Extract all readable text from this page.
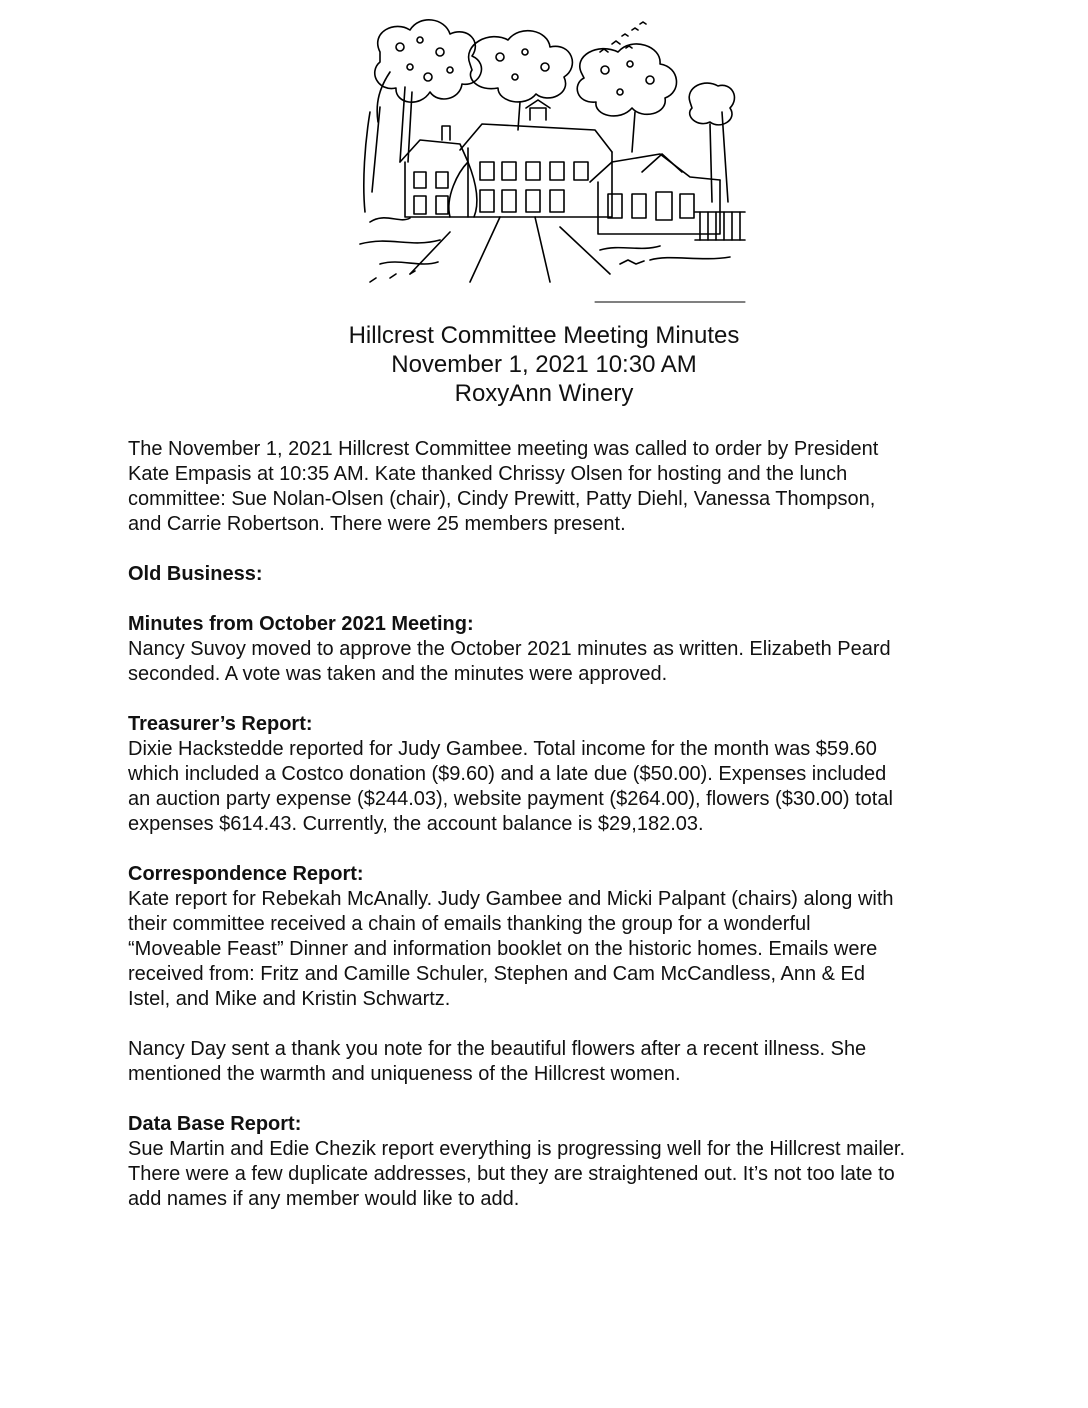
Hillcrest Committee Meeting Minutes
November 1, 2021 10:30 AM
RoxyAnn Winery

The November 1, 2021 Hillcrest Committee meeting was called to order by President
Kate Empasis at 10:35 AM. Kate thanked Chrissy Olsen for hosting and the lunch
committee: Sue Nolan-Olsen (chair), Cindy Prewitt, Patty Diehl, Vanessa Thompson,
and Carrie Robertson. There were 25 members present.

Old Business:

Minutes from October 2021 Meeting:

Nancy Suvoy moved to approve the October 2021 minutes as written. Elizabeth Peard
seconded. A vote was taken and the minutes were approved.

Treasurer’s Report:

Dixie Hackstedde reported for Judy Gambee. Total income for the month was $59.60
which included a Costco donation ($9.60) and a late due ($50.00). Expenses included
an auction party expense ($244.03), website payment ($264.00), flowers ($30.00) total
expenses $614.43. Currently, the account balance is $29,182.03.

Correspondence Report:

Kate report for Rebekah McAnally. Judy Gambee and Micki Palpant (chairs) along with
their committee received a chain of emails thanking the group for a wonderful
“Moveable Feast” Dinner and information booklet on the historic homes. Emails were
received from: Fritz and Camille Schuler, Stephen and Cam McCandless, Ann & Ed
Istel, and Mike and Kristin Schwartz.

Nancy Day sent a thank you note for the beautiful flowers after a recent illness. She
mentioned the warmth and uniqueness of the Hillcrest women.

Data Base Report:

Sue Martin and Edie Chezik report everything is progressing well for the Hillcrest mailer.
There were a few duplicate addresses, but they are straightened out. It’s not too late to
add names if any member would like to add.
